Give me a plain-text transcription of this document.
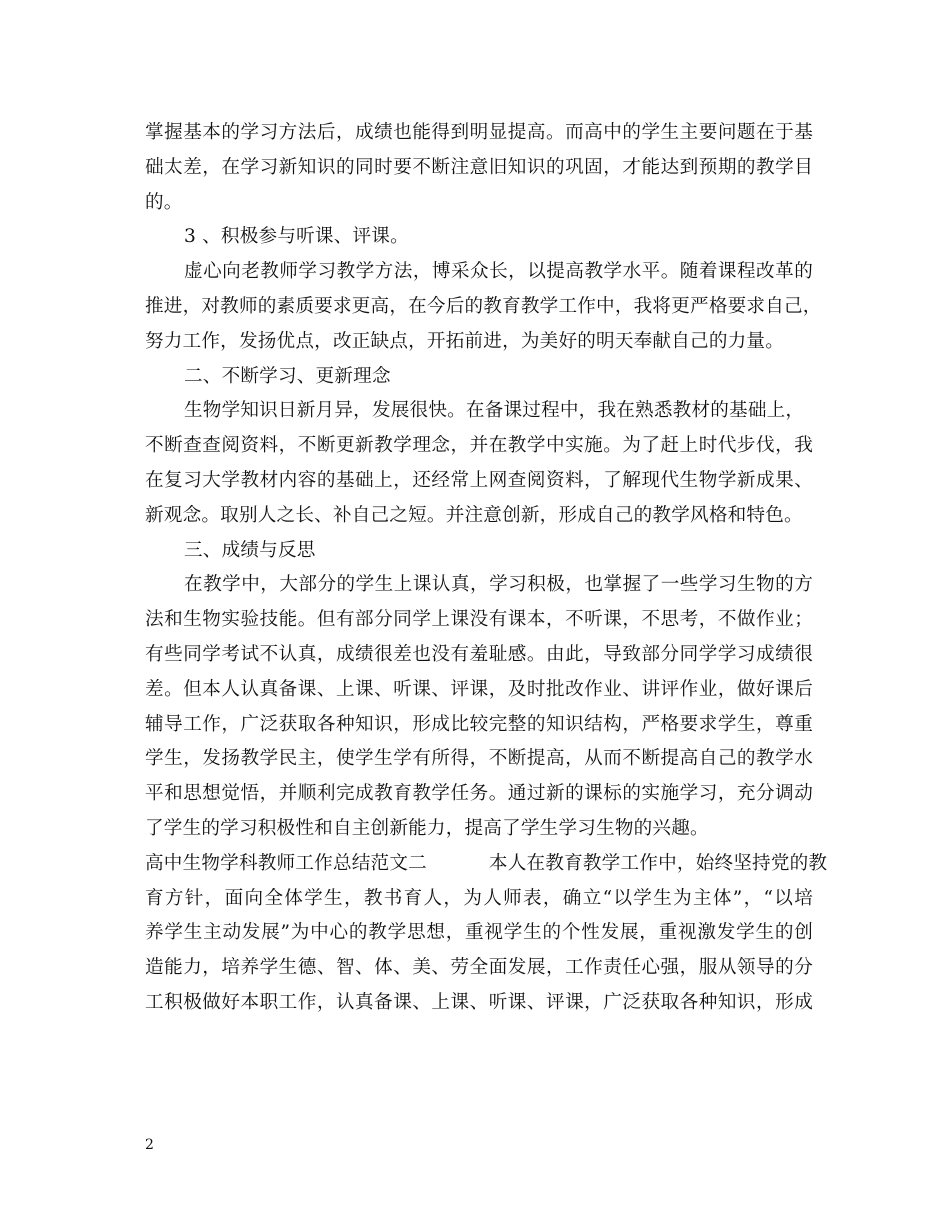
掌握基本的学习方法后，成绩也能得到明显提高。而高中的学生主要问题在于基
础太差，在学习新知识的同时要不断注意旧知识的巩固，才能达到预期的教学目
的。
3 、积极参与听课、评课。
虚心向老教师学习教学方法，博采众长，以提高教学水平。随着课程改革的
推进，对教师的素质要求更高，在今后的教育教学工作中，我将更严格要求自己，
努力工作，发扬优点，改正缺点，开拓前进，为美好的明天奉献自己的力量。
二、不断学习、更新理念
生物学知识日新月异，发展很快。在备课过程中，我在熟悉教材的基础上，
不断查查阅资料，不断更新教学理念，并在教学中实施。为了赶上时代步伐，我
在复习大学教材内容的基础上，还经常上网查阅资料，了解现代生物学新成果、
新观念。取别人之长、补自己之短。并注意创新，形成自己的教学风格和特色。
三、成绩与反思
在教学中，大部分的学生上课认真，学习积极，也掌握了一些学习生物的方
法和生物实验技能。但有部分同学上课没有课本，不听课，不思考，不做作业；
有些同学考试不认真，成绩很差也没有羞耻感。由此，导致部分同学学习成绩很
差。但本人认真备课、上课、听课、评课，及时批改作业、讲评作业，做好课后
辅导工作，广泛获取各种知识，形成比较完整的知识结构，严格要求学生，尊重
学生，发扬教学民主，使学生学有所得，不断提高，从而不断提高自己的教学水
平和思想觉悟，并顺利完成教育教学任务。通过新的课标的实施学习，充分调动
了学生的学习积极性和自主创新能力，提高了学生学习生物的兴趣。
高中生物学科教师工作总结范文二	本人在教育教学工作中，始终坚持党的教
育方针，面向全体学生，教书育人，为人师表，确立“以学生为主体”，“以培
养学生主动发展”为中心的教学思想，重视学生的个性发展，重视激发学生的创
造能力，培养学生德、智、体、美、劳全面发展，工作责任心强，服从领导的分
工积极做好本职工作，认真备课、上课、听课、评课，广泛获取各种知识，形成
2
